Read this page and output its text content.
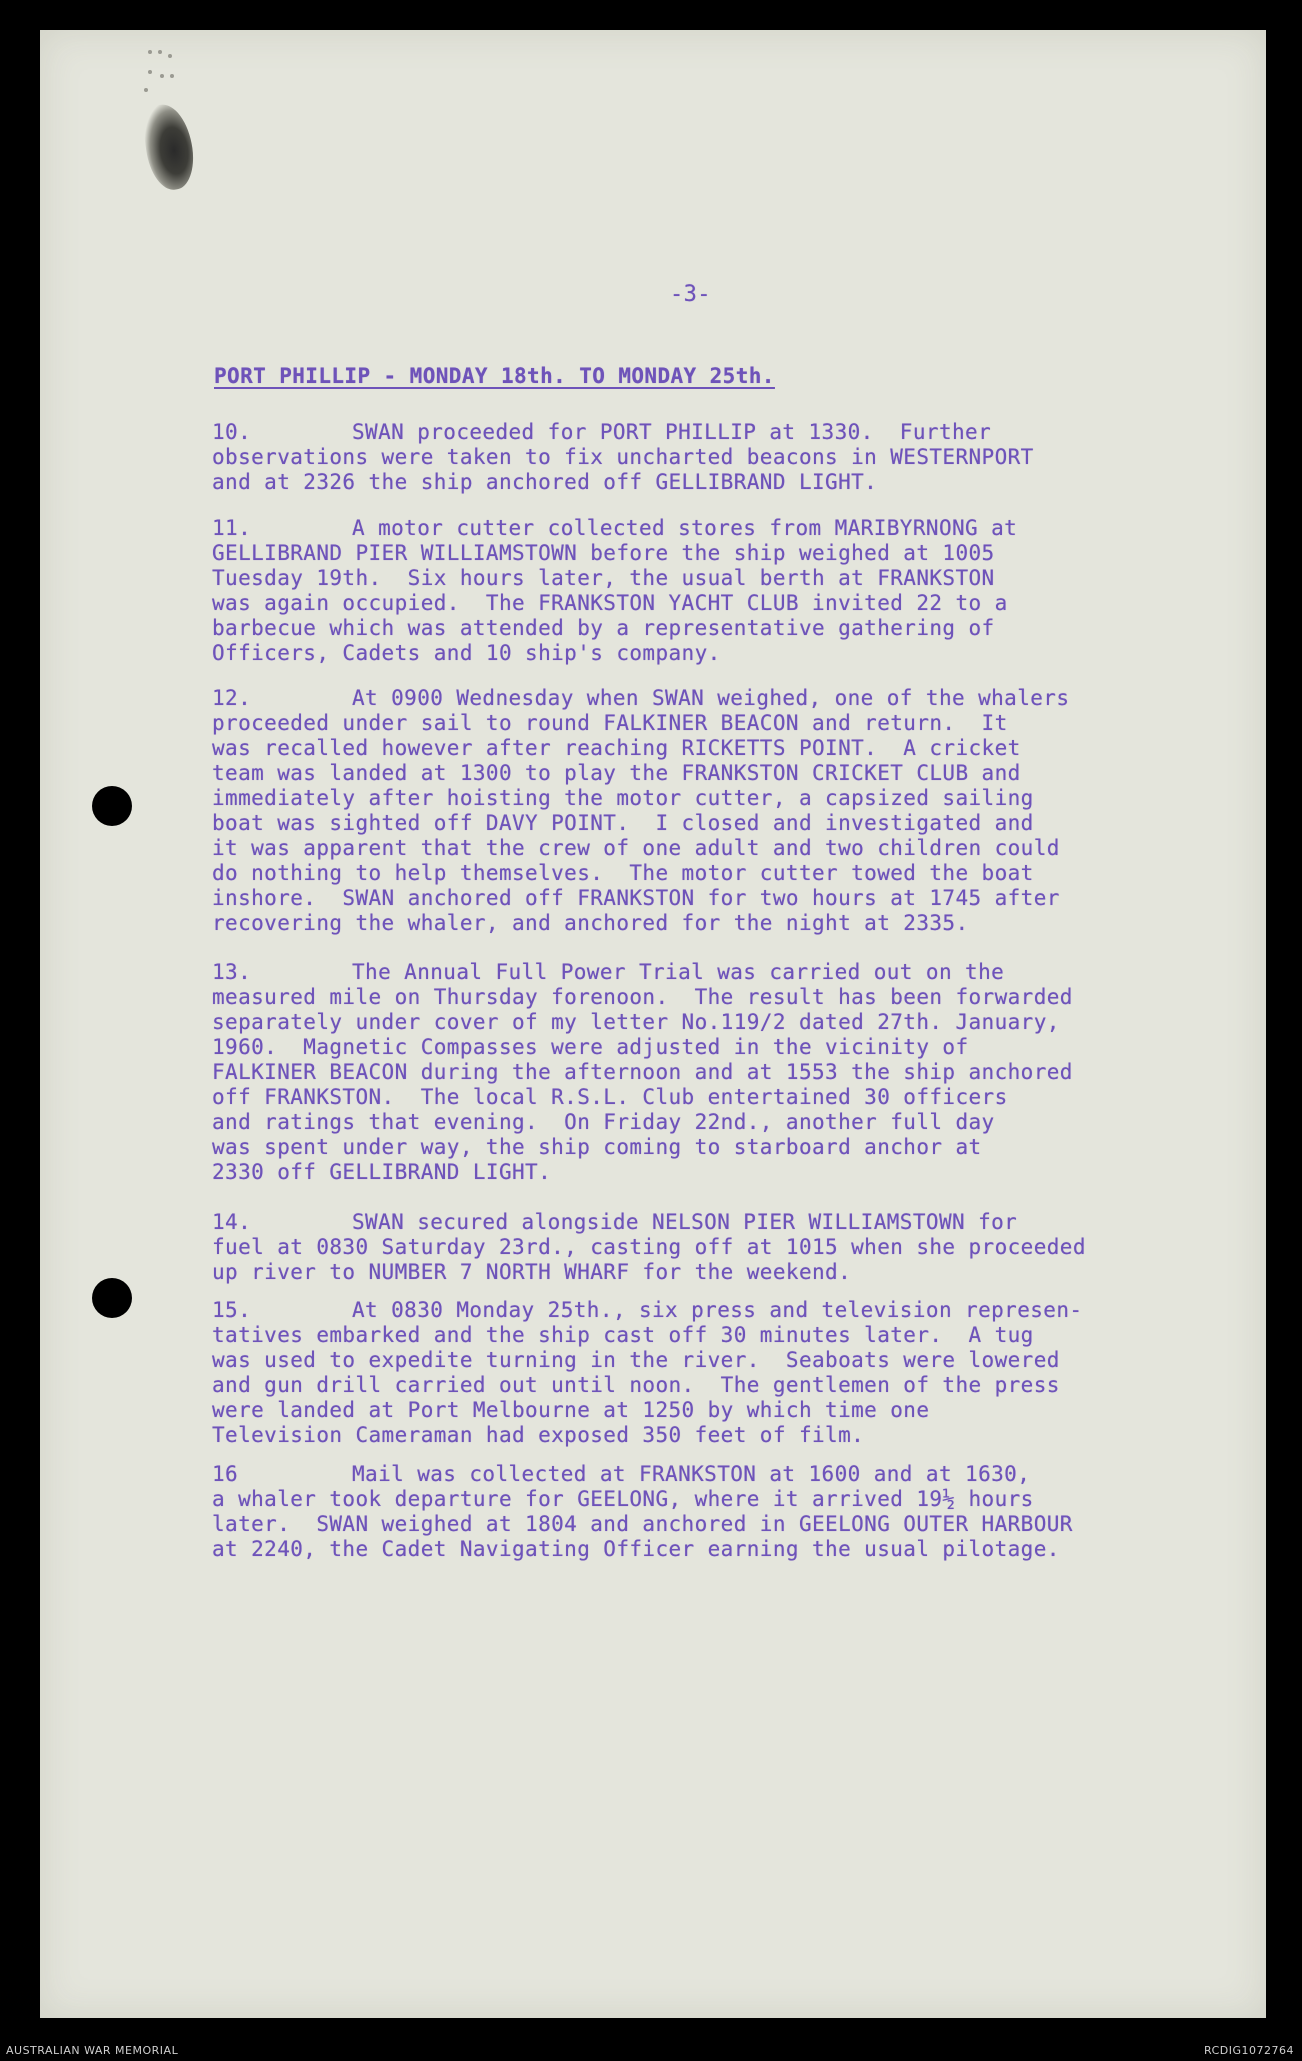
-3-
PORT PHILLIP - MONDAY 18th. TO MONDAY 25th.
10.	SWAN proceeded for PORT PHILLIP at 1330.  Further
observations were taken to fix uncharted beacons in WESTERNPORT
and at 2326 the ship anchored off GELLIBRAND LIGHT.
11.	A motor cutter collected stores from MARIBYRNONG at
GELLIBRAND PIER WILLIAMSTOWN before the ship weighed at 1005
Tuesday 19th.  Six hours later, the usual berth at FRANKSTON
was again occupied.  The FRANKSTON YACHT CLUB invited 22 to a
barbecue which was attended by a representative gathering of
Officers, Cadets and 10 ship's company.
12.	At 0900 Wednesday when SWAN weighed, one of the whalers
proceeded under sail to round FALKINER BEACON and return.  It
was recalled however after reaching RICKETTS POINT.  A cricket
team was landed at 1300 to play the FRANKSTON CRICKET CLUB and
immediately after hoisting the motor cutter, a capsized sailing
boat was sighted off DAVY POINT.  I closed and investigated and
it was apparent that the crew of one adult and two children could
do nothing to help themselves.  The motor cutter towed the boat
inshore.  SWAN anchored off FRANKSTON for two hours at 1745 after
recovering the whaler, and anchored for the night at 2335.
13.	The Annual Full Power Trial was carried out on the
measured mile on Thursday forenoon.  The result has been forwarded
separately under cover of my letter No.119/2 dated 27th. January,
1960.  Magnetic Compasses were adjusted in the vicinity of
FALKINER BEACON during the afternoon and at 1553 the ship anchored
off FRANKSTON.  The local R.S.L. Club entertained 30 officers
and ratings that evening.  On Friday 22nd., another full day
was spent under way, the ship coming to starboard anchor at
2330 off GELLIBRAND LIGHT.
14.	SWAN secured alongside NELSON PIER WILLIAMSTOWN for
fuel at 0830 Saturday 23rd., casting off at 1015 when she proceeded
up river to NUMBER 7 NORTH WHARF for the weekend.
15.	At 0830 Monday 25th., six press and television represen-
tatives embarked and the ship cast off 30 minutes later.  A tug
was used to expedite turning in the river.  Seaboats were lowered
and gun drill carried out until noon.  The gentlemen of the press
were landed at Port Melbourne at 1250 by which time one
Television Cameraman had exposed 350 feet of film.
16	Mail was collected at FRANKSTON at 1600 and at 1630,
a whaler took departure for GEELONG, where it arrived 19½ hours
later.  SWAN weighed at 1804 and anchored in GEELONG OUTER HARBOUR
at 2240, the Cadet Navigating Officer earning the usual pilotage.
AUSTRALIAN WAR MEMORIAL	RCDIG1072764
